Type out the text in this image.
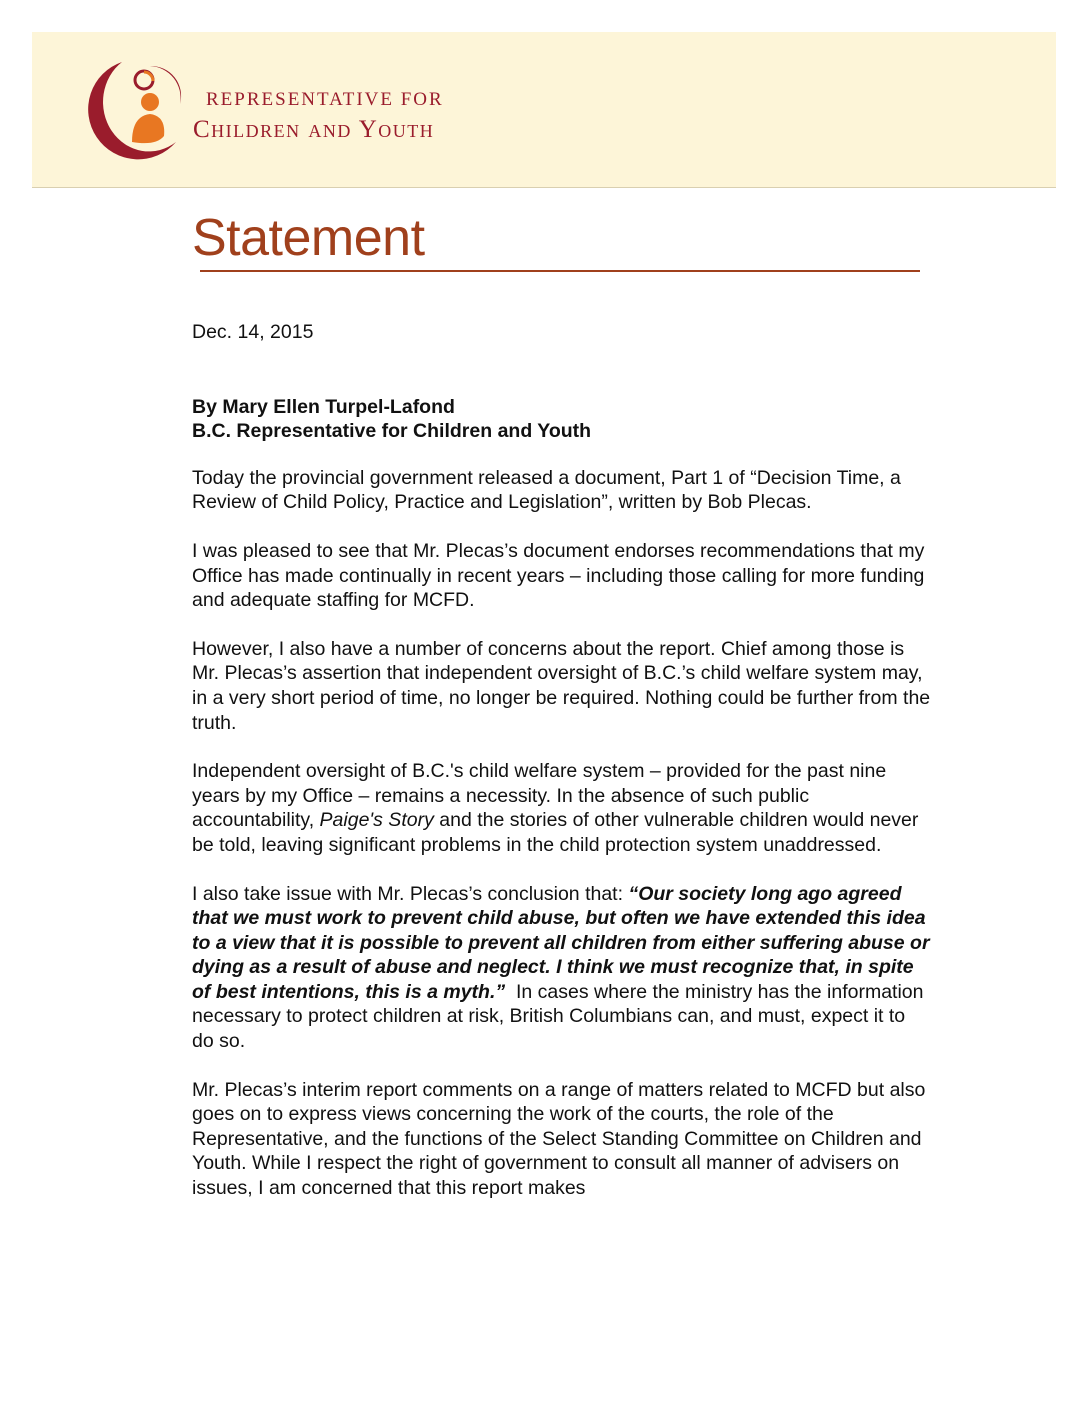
REPRESENTATIVE FOR
Children and Youth
Statement

Dec. 14, 2015

By Mary Ellen Turpel-Lafond

B.C. Representative for Children and Youth

Today the provincial government released a document, Part 1 of “Decision Time, a Review of Child Policy, Practice and Legislation”, written by Bob Plecas.

I was pleased to see that Mr. Plecas’s document endorses recommendations that my Office has made continually in recent years – including those calling for more funding and adequate staffing for MCFD.

However, I also have a number of concerns about the report. Chief among those is Mr. Plecas’s assertion that independent oversight of B.C.’s child welfare system may, in a very short period of time, no longer be required. Nothing could be further from the truth.

Independent oversight of B.C.'s child welfare system – provided for the past nine years by my Office – remains a necessity. In the absence of such public accountability, Paige's Story and the stories of other vulnerable children would never be told, leaving significant problems in the child protection system unaddressed.

I also take issue with Mr. Plecas’s conclusion that: “Our society long ago agreed that we must work to prevent child abuse, but often we have extended this idea to a view that it is possible to prevent all children from either suffering abuse or dying as a result of abuse and neglect. I think we must recognize that, in spite of best intentions, this is a myth.” In cases where the ministry has the information necessary to protect children at risk, British Columbians can, and must, expect it to do so.

Mr. Plecas’s interim report comments on a range of matters related to MCFD but also goes on to express views concerning the work of the courts, the role of the Representative, and the functions of the Select Standing Committee on Children and Youth. While I respect the right of government to consult all manner of advisers on issues, I am concerned that this report makes
